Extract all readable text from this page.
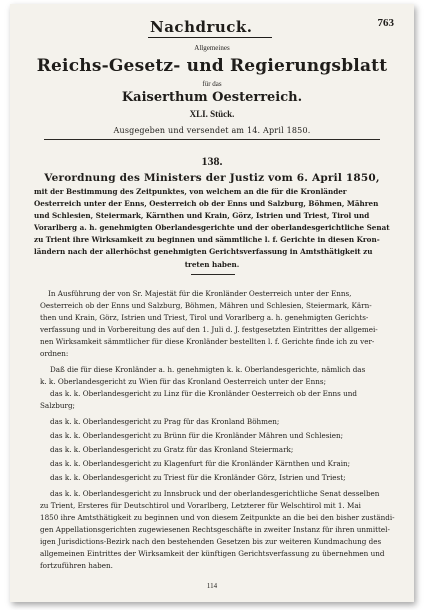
763
Nachdruck.
Allgemeines
Reichs-Gesetz- und Regierungsblatt
für das
Kaiserthum Oesterreich.
XLI. Stück.
Ausgegeben und versendet am 14. April 1850.
138.
Verordnung des Ministers der Justiz vom 6. April 1850,
mit der Bestimmung des Zeitpunktes, von welchem an die für die Kronländer
Oesterreich unter der Enns, Oesterreich ob der Enns und Salzburg, Böhmen, Mähren
und Schlesien, Steiermark, Kärnthen und Krain, Görz, Istrien und Triest, Tirol und
Vorarlberg a. h. genehmigten Oberlandesgerichte und der oberlandesgerichtliche Senat
zu Trient ihre Wirksamkeit zu beginnen und sämmtliche l. f. Gerichte in diesen Kron-
ländern nach der allerhöchst genehmigten Gerichtsverfassung in Amtsthätigkeit zu
treten haben.
In Ausführung der von Sr. Majestät für die Kronländer Oesterreich unter der Enns,
Oesterreich ob der Enns und Salzburg, Böhmen, Mähren und Schlesien, Steiermark, Kärn-
then und Krain, Görz, Istrien und Triest, Tirol und Vorarlberg a. h. genehmigten Gerichts-
verfassung und in Vorbereitung des auf den 1. Juli d. J. festgesetzten Eintrittes der allgemei-
nen Wirksamkeit sämmtlicher für diese Kronländer bestellten l. f. Gerichte finde ich zu ver-
ordnen:
Daß die für diese Kronländer a. h. genehmigten k. k. Oberlandesgerichte, nämlich das
k. k. Oberlandesgericht zu Wien für das Kronland Oesterreich unter der Enns;
das k. k. Oberlandesgericht zu Linz für die Kronländer Oesterreich ob der Enns und
Salzburg;
das k. k. Oberlandesgericht zu Prag für das Kronland Böhmen;
das k. k. Oberlandesgericht zu Brünn für die Kronländer Mähren und Schlesien;
das k. k. Oberlandesgericht zu Gratz für das Kronland Steiermark;
das k. k. Oberlandesgericht zu Klagenfurt für die Kronländer Kärnthen und Krain;
das k. k. Oberlandesgericht zu Triest für die Kronländer Görz, Istrien und Triest;
das k. k. Oberlandesgericht zu Innsbruck und der oberlandesgerichtliche Senat desselben
zu Trient, Ersteres für Deutschtirol und Vorarlberg, Letzterer für Welschtirol mit 1. Mai
1850 ihre Amtsthätigkeit zu beginnen und von diesem Zeitpunkte an die bei den bisher zuständi-
gen Appellationsgerichten zugewiesenen Rechtsgeschäfte in zweiter Instanz für ihren unmittel-
igen Jurisdictions-Bezirk nach den bestehenden Gesetzen bis zur weiteren Kundmachung des
allgemeinen Eintrittes der Wirksamkeit der künftigen Gerichtsverfassung zu übernehmen und
fortzuführen haben.
114
